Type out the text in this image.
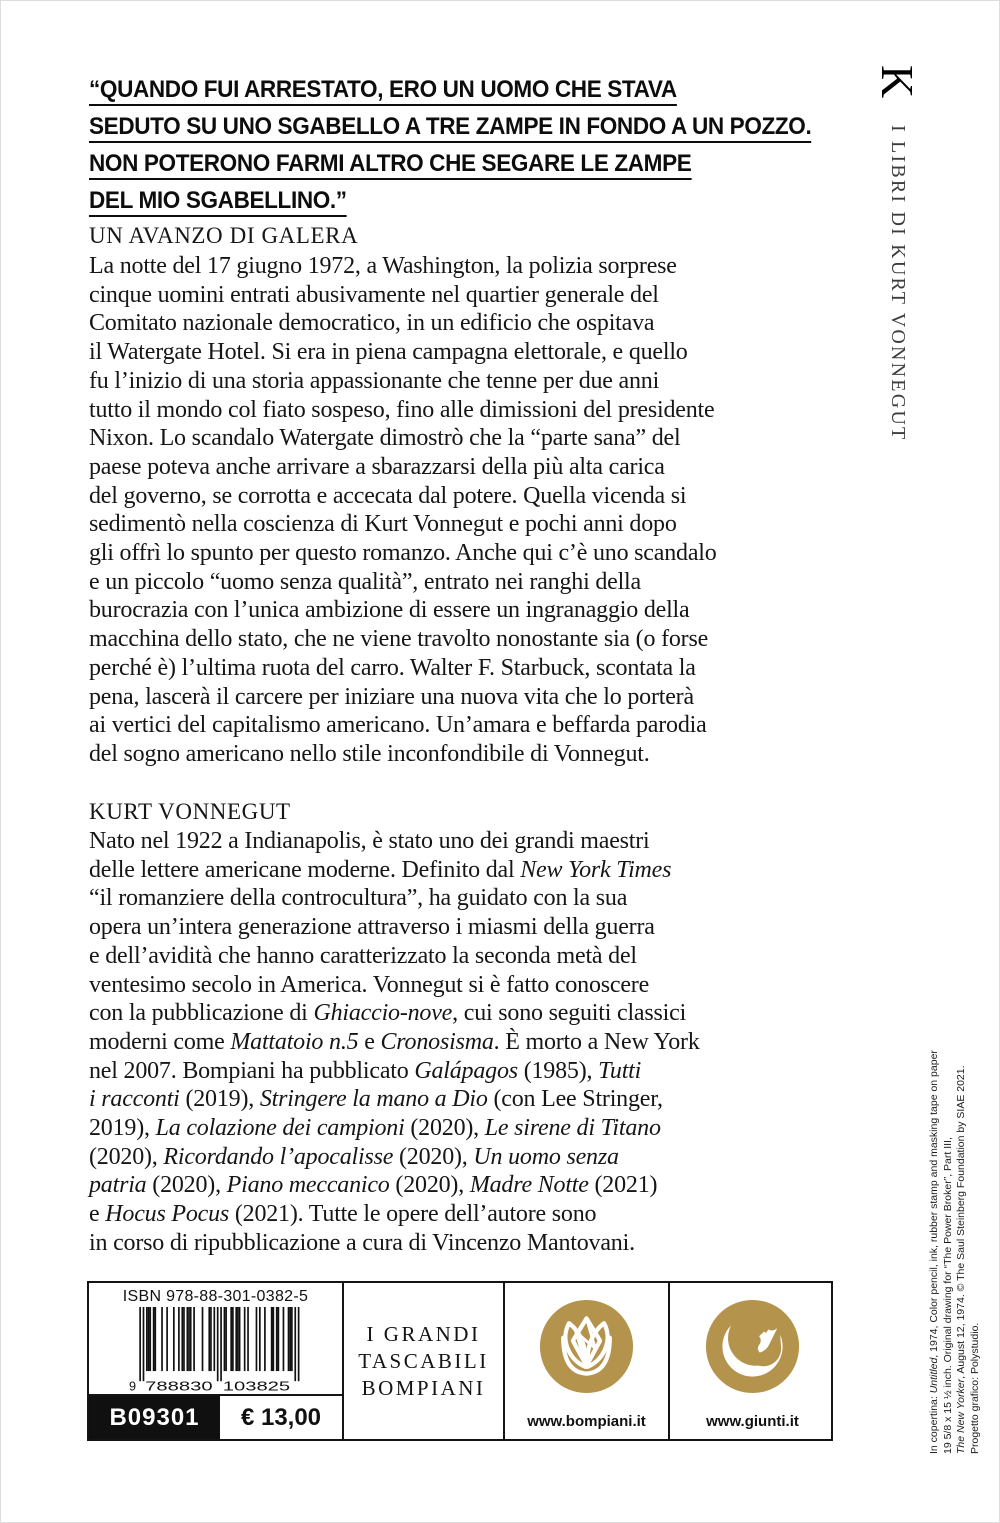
“QUANDO FUI ARRESTATO, ERO UN UOMO CHE STAVA
SEDUTO SU UNO SGABELLO A TRE ZAMPE IN FONDO A UN POZZO.
NON POTERONO FARMI ALTRO CHE SEGARE LE ZAMPE
DEL MIO SGABELLINO.”
UN AVANZO DI GALERA
La notte del 17 giugno 1972, a Washington, la polizia sorprese
cinque uomini entrati abusivamente nel quartier generale del
Comitato nazionale democratico, in un edificio che ospitava
il Watergate Hotel. Si era in piena campagna elettorale, e quello
fu l’inizio di una storia appassionante che tenne per due anni
tutto il mondo col fiato sospeso, fino alle dimissioni del presidente
Nixon. Lo scandalo Watergate dimostrò che la “parte sana” del
paese poteva anche arrivare a sbarazzarsi della più alta carica
del governo, se corrotta e accecata dal potere. Quella vicenda si
sedimentò nella coscienza di Kurt Vonnegut e pochi anni dopo
gli offrì lo spunto per questo romanzo. Anche qui c’è uno scandalo
e un piccolo “uomo senza qualità”, entrato nei ranghi della
burocrazia con l’unica ambizione di essere un ingranaggio della
macchina dello stato, che ne viene travolto nonostante sia (o forse
perché è) l’ultima ruota del carro. Walter F. Starbuck, scontata la
pena, lascerà il carcere per iniziare una nuova vita che lo porterà
ai vertici del capitalismo americano. Un’amara e beffarda parodia
del sogno americano nello stile inconfondibile di Vonnegut.
KURT VONNEGUT
Nato nel 1922 a Indianapolis, è stato uno dei grandi maestri
delle lettere americane moderne. Definito dal New York Times
“il romanziere della controcultura”, ha guidato con la sua
opera un’intera generazione attraverso i miasmi della guerra
e dell’avidità che hanno caratterizzato la seconda metà del
ventesimo secolo in America. Vonnegut si è fatto conoscere
con la pubblicazione di Ghiaccio-nove, cui sono seguiti classici
moderni come Mattatoio n.5 e Cronosisma. È morto a New York
nel 2007. Bompiani ha pubblicato Galápagos (1985), Tutti
i racconti (2019), Stringere la mano a Dio (con Lee Stringer,
2019), La colazione dei campioni (2020), Le sirene di Titano
(2020), Ricordando l’apocalisse (2020), Un uomo senza
patria (2020), Piano meccanico (2020), Madre Notte (2021)
e Hocus Pocus (2021). Tutte le opere dell’autore sono
in corso di ripubblicazione a cura di Vincenzo Mantovani.
K
I LIBRI DI KURT VONNEGUT
In copertina: Untitled, 1974, Color pencil, ink, rubber stamp and masking tape on paper 19 5/8 x 15 ½ inch. Original drawing for “The Power Broker”, Part III, The New Yorker, August 12, 1974. © The Saul Steinberg Foundation by SIAE 2021.
Progetto grafico: Polystudio.
ISBN 978-88-301-0382-5
9 788830 103825
B09301	€ 13,00
I GRANDI
TASCABILI
BOMPIANI
www.bompiani.it	www.giunti.it
